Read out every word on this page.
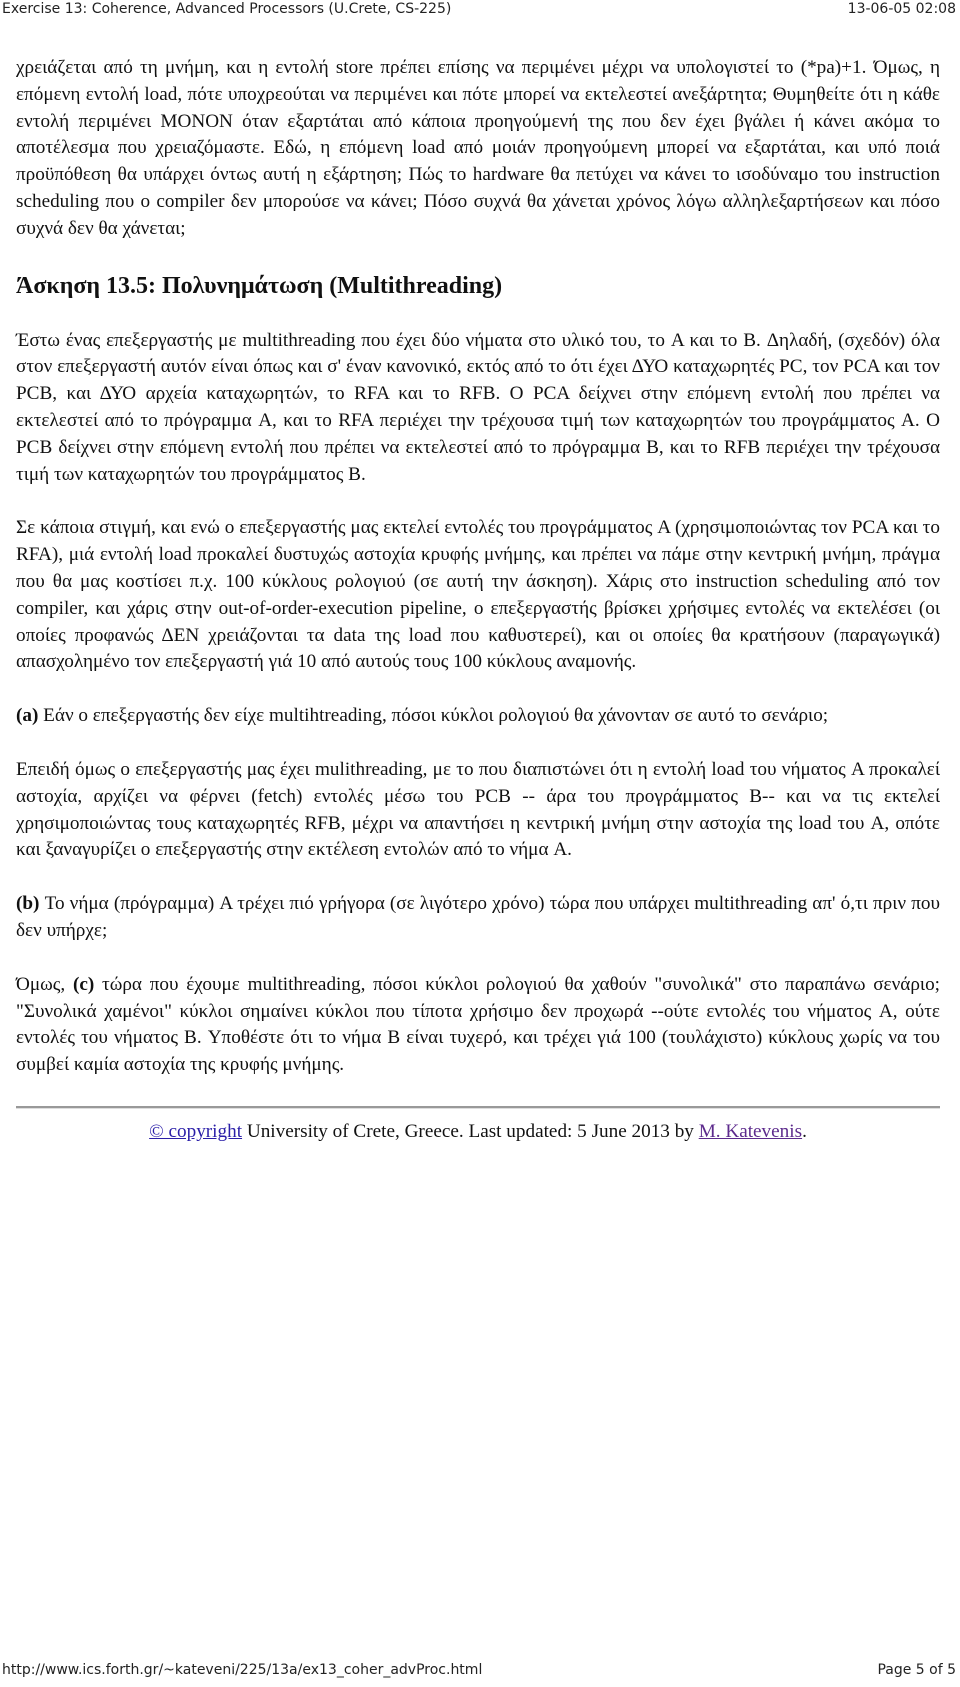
Exercise 13: Coherence, Advanced Processors (U.Crete, CS-225)	13-06-05 02:08

χρειάζεται από τη μνήμη, και η εντολή store πρέπει επίσης να περιμένει μέχρι να υπολογιστεί το (*pa)+1. Όμως, η επόμενη εντολή load, πότε υποχρεούται να περιμένει και πότε μπορεί να εκτελεστεί ανεξάρτητα; Θυμηθείτε ότι η κάθε εντολή περιμένει ΜΟΝΟΝ όταν εξαρτάται από κάποια προηγούμενή της που δεν έχει βγάλει ή κάνει ακόμα το αποτέλεσμα που χρειαζόμαστε. Εδώ, η επόμενη load από μοιάν προηγούμενη μπορεί να εξαρτάται, και υπό ποιά προϋπόθεση θα υπάρχει όντως αυτή η εξάρτηση; Πώς το hardware θα πετύχει να κάνει το ισοδύναμο του instruction scheduling που ο compiler δεν μπορούσε να κάνει; Πόσο συχνά θα χάνεται χρόνος λόγω αλληλεξαρτήσεων και πόσο συχνά δεν θα χάνεται;

Άσκηση 13.5: Πολυνημάτωση (Multithreading)

Έστω ένας επεξεργαστής με multithreading που έχει δύο νήματα στο υλικό του, το A και το B. Δηλαδή, (σχεδόν) όλα στον επεξεργαστή αυτόν είναι όπως και σ' έναν κανονικό, εκτός από το ότι έχει ΔΥΟ καταχωρητές PC, τον PCA και τον PCB, και ΔΥΟ αρχεία καταχωρητών, το RFA και το RFB. Ο PCA δείχνει στην επόμενη εντολή που πρέπει να εκτελεστεί από το πρόγραμμα A, και το RFA περιέχει την τρέχουσα τιμή των καταχωρητών του προγράμματος A. Ο PCB δείχνει στην επόμενη εντολή που πρέπει να εκτελεστεί από το πρόγραμμα B, και το RFB περιέχει την τρέχουσα τιμή των καταχωρητών του προγράμματος B.

Σε κάποια στιγμή, και ενώ ο επεξεργαστής μας εκτελεί εντολές του προγράμματος A (χρησιμοποιώντας τον PCA και το RFA), μιά εντολή load προκαλεί δυστυχώς αστοχία κρυφής μνήμης, και πρέπει να πάμε στην κεντρική μνήμη, πράγμα που θα μας κοστίσει π.χ. 100 κύκλους ρολογιού (σε αυτή την άσκηση). Χάρις στο instruction scheduling από τον compiler, και χάρις στην out-of-order-execution pipeline, ο επεξεργαστής βρίσκει χρήσιμες εντολές να εκτελέσει (οι οποίες προφανώς ΔΕΝ χρειάζονται τα data της load που καθυστερεί), και οι οποίες θα κρατήσουν (παραγωγικά) απασχολημένο τον επεξεργαστή γιά 10 από αυτούς τους 100 κύκλους αναμονής.

(a) Εάν ο επεξεργαστής δεν είχε multihtreading, πόσοι κύκλοι ρολογιού θα χάνονταν σε αυτό το σενάριο;

Επειδή όμως ο επεξεργαστής μας έχει mulithreading, με το που διαπιστώνει ότι η εντολή load του νήματος A προκαλεί αστοχία, αρχίζει να φέρνει (fetch) εντολές μέσω του PCB -- άρα του προγράμματος B-- και να τις εκτελεί χρησιμοποιώντας τους καταχωρητές RFB, μέχρι να απαντήσει η κεντρική μνήμη στην αστοχία της load του A, οπότε και ξαναγυρίζει ο επεξεργαστής στην εκτέλεση εντολών από το νήμα A.

(b) Το νήμα (πρόγραμμα) A τρέχει πιό γρήγορα (σε λιγότερο χρόνο) τώρα που υπάρχει multithreading απ' ό,τι πριν που δεν υπήρχε;

Όμως, (c) τώρα που έχουμε multithreading, πόσοι κύκλοι ρολογιού θα χαθούν "συνολικά" στο παραπάνω σενάριο; "Συνολικά χαμένοι" κύκλοι σημαίνει κύκλοι που τίποτα χρήσιμο δεν προχωρά --ούτε εντολές του νήματος A, ούτε εντολές του νήματος B. Υποθέστε ότι το νήμα B είναι τυχερό, και τρέχει γιά 100 (τουλάχιστο) κύκλους χωρίς να του συμβεί καμία αστοχία της κρυφής μνήμης.

© copyright University of Crete, Greece. Last updated: 5 June 2013 by M. Katevenis.
http://www.ics.forth.gr/~kateveni/225/13a/ex13_coher_advProc.html	Page 5 of 5
